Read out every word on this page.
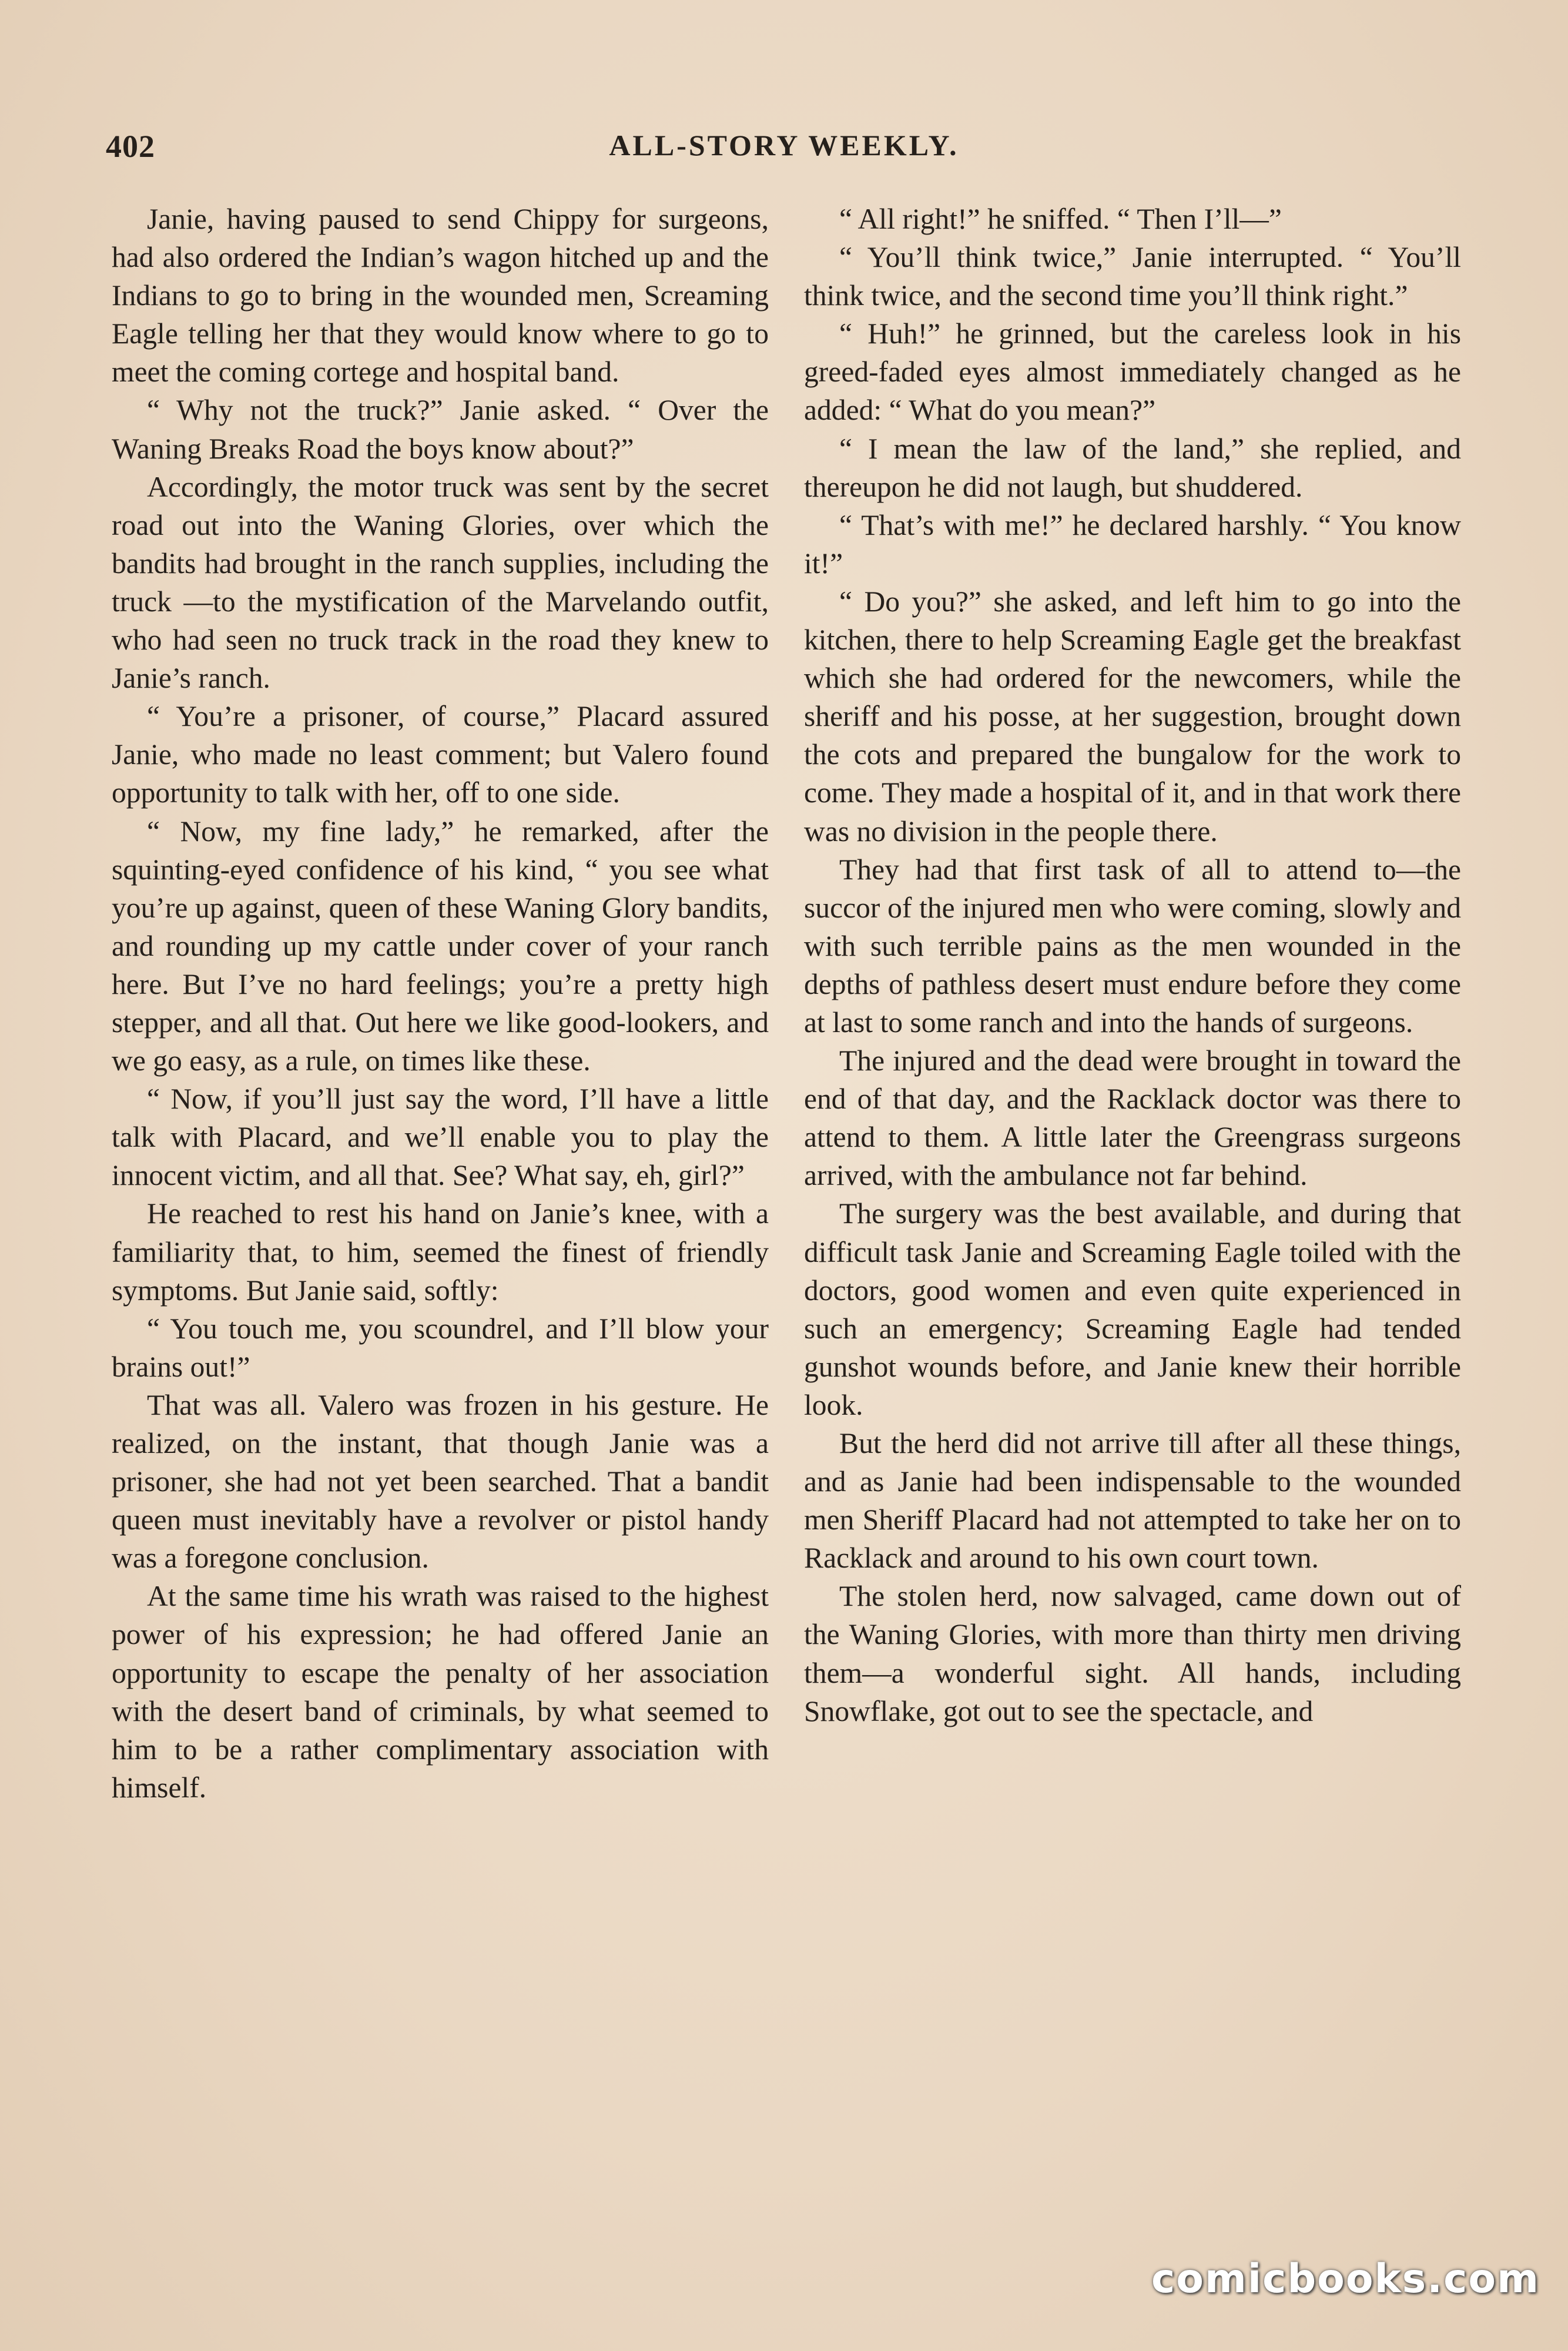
402	ALL-STORY WEEKLY.

Janie, having paused to send Chippy for surgeons, had also ordered the Indian’s wagon hitched up and the Indians to go to bring in the wounded men, Screaming Eagle telling her that they would know where to go to meet the coming cortege and hospital band.

“ Why not the truck?” Janie asked. “ Over the Waning Breaks Road the boys know about?”

Accordingly, the motor truck was sent by the secret road out into the Waning Glories, over which the bandits had brought in the ranch supplies, including the truck —to the mystification of the Marvelando outfit, who had seen no truck track in the road they knew to Janie’s ranch.

“ You’re a prisoner, of course,” Placard assured Janie, who made no least comment; but Valero found opportunity to talk with her, off to one side.

“ Now, my fine lady,” he remarked, after the squinting-eyed confidence of his kind, “ you see what you’re up against, queen of these Waning Glory bandits, and rounding up my cattle under cover of your ranch here. But I’ve no hard feelings; you’re a pretty high stepper, and all that. Out here we like good-lookers, and we go easy, as a rule, on times like these.

“ Now, if you’ll just say the word, I’ll have a little talk with Placard, and we’ll enable you to play the innocent victim, and all that. See? What say, eh, girl?”

He reached to rest his hand on Janie’s knee, with a familiarity that, to him, seemed the finest of friendly symptoms. But Janie said, softly:

“ You touch me, you scoundrel, and I’ll blow your brains out!”

That was all. Valero was frozen in his gesture. He realized, on the instant, that though Janie was a prisoner, she had not yet been searched. That a bandit queen must inevitably have a revolver or pistol handy was a foregone conclusion.

At the same time his wrath was raised to the highest power of his expression; he had offered Janie an opportunity to escape the penalty of her association with the desert band of criminals, by what seemed to him to be a rather complimentary association with himself.

“ All right!” he sniffed. “ Then I’ll—”

“ You’ll think twice,” Janie interrupted. “ You’ll think twice, and the second time you’ll think right.”

“ Huh!” he grinned, but the careless look in his greed-faded eyes almost immediately changed as he added: “ What do you mean?”

“ I mean the law of the land,” she replied, and thereupon he did not laugh, but shuddered.

“ That’s with me!” he declared harshly. “ You know it!”

“ Do you?” she asked, and left him to go into the kitchen, there to help Screaming Eagle get the breakfast which she had ordered for the newcomers, while the sheriff and his posse, at her suggestion, brought down the cots and prepared the bungalow for the work to come. They made a hospital of it, and in that work there was no division in the people there.

They had that first task of all to attend to—the succor of the injured men who were coming, slowly and with such terrible pains as the men wounded in the depths of pathless desert must endure before they come at last to some ranch and into the hands of surgeons.

The injured and the dead were brought in toward the end of that day, and the Racklack doctor was there to attend to them. A little later the Greengrass surgeons arrived, with the ambulance not far behind.

The surgery was the best available, and during that difficult task Janie and Screaming Eagle toiled with the doctors, good women and even quite experienced in such an emergency; Screaming Eagle had tended gunshot wounds before, and Janie knew their horrible look.

But the herd did not arrive till after all these things, and as Janie had been indispensable to the wounded men Sheriff Placard had not attempted to take her on to Racklack and around to his own court town.

The stolen herd, now salvaged, came down out of the Waning Glories, with more than thirty men driving them—a wonderful sight. All hands, including Snowflake, got out to see the spectacle, and

comicbooks.com
